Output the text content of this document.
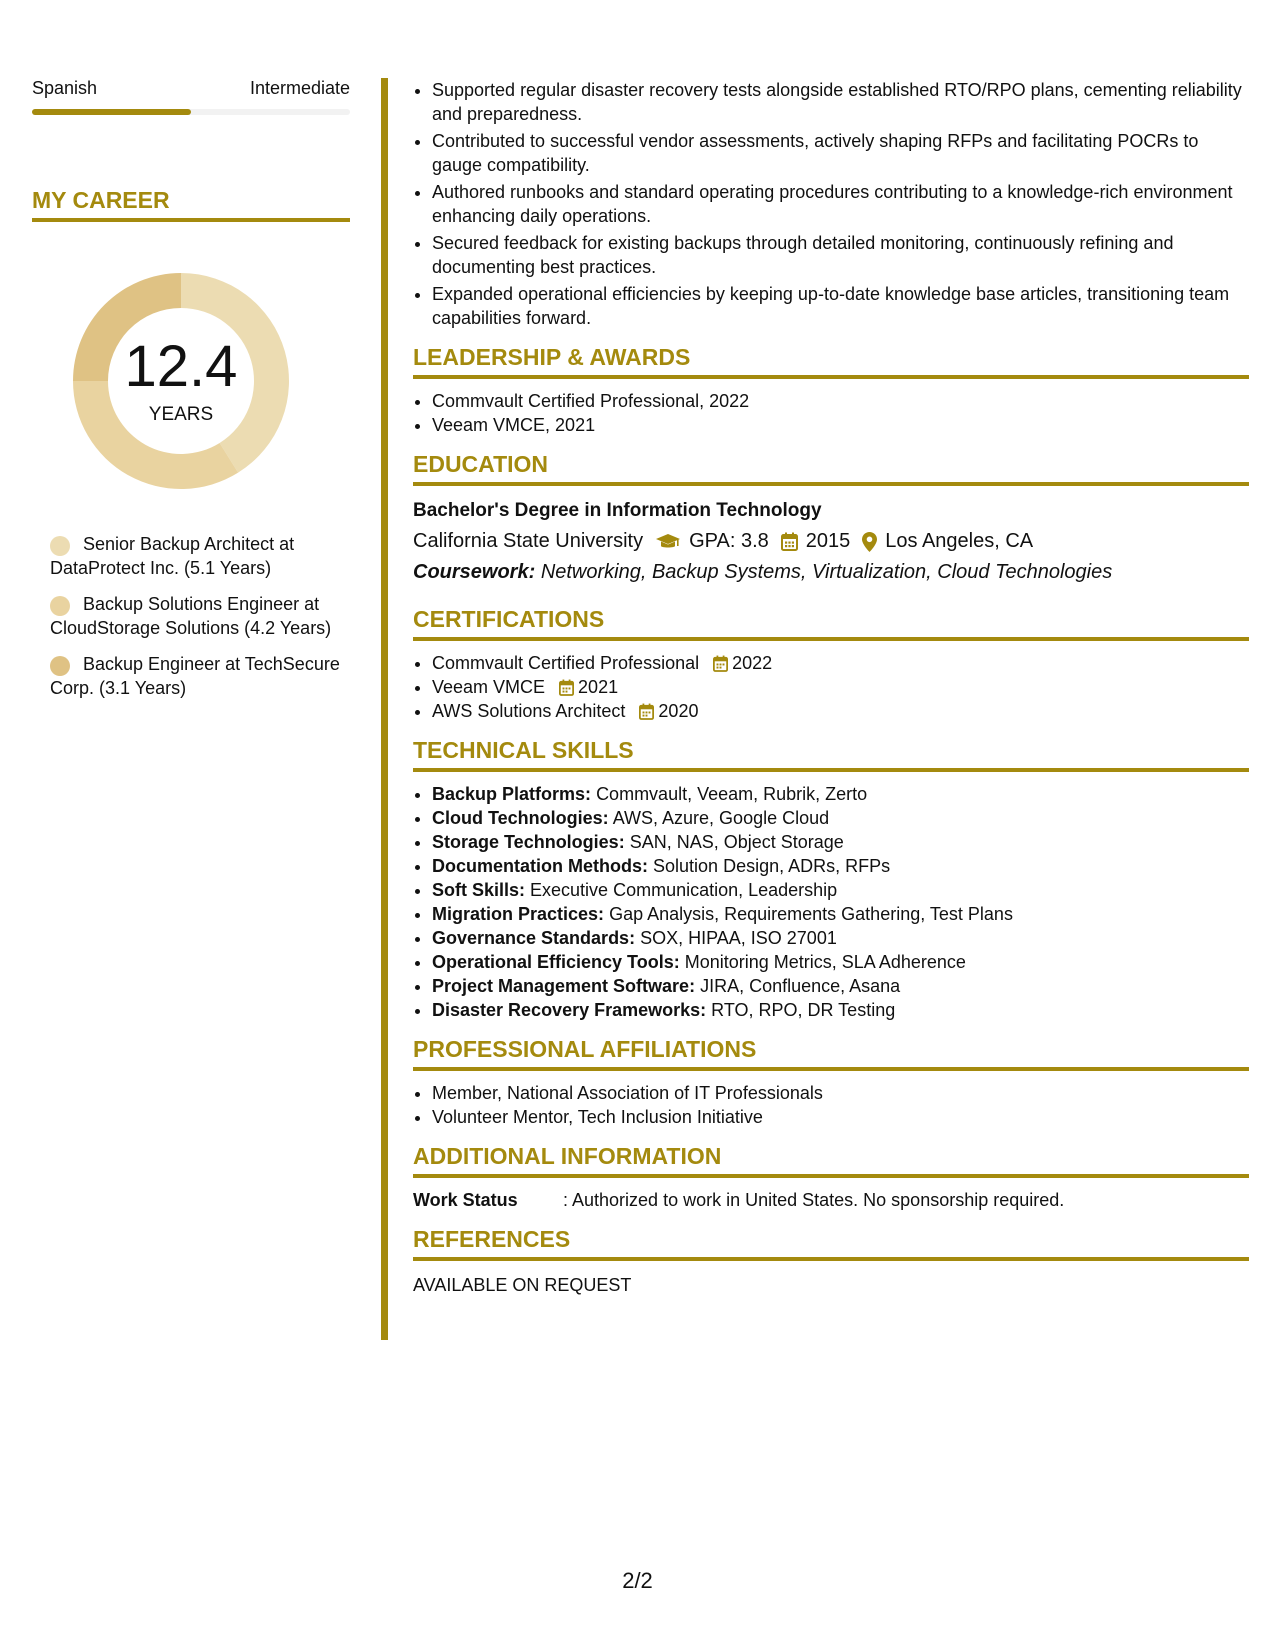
Spanish	Intermediate
MY CAREER
12.4
YEARS
Senior Backup Architect at DataProtect Inc. (5.1 Years)
Backup Solutions Engineer at CloudStorage Solutions (4.2 Years)
Backup Engineer at TechSecure Corp. (3.1 Years)
• Supported regular disaster recovery tests alongside established RTO/RPO plans, cementing reliability and preparedness.
• Contributed to successful vendor assessments, actively shaping RFPs and facilitating POCRs to gauge compatibility.
• Authored runbooks and standard operating procedures contributing to a knowledge-rich environment enhancing daily operations.
• Secured feedback for existing backups through detailed monitoring, continuously refining and documenting best practices.
• Expanded operational efficiencies by keeping up-to-date knowledge base articles, transitioning team capabilities forward.
LEADERSHIP & AWARDS
• Commvault Certified Professional, 2022
• Veeam VMCE, 2021
EDUCATION
Bachelor's Degree in Information Technology
California State University GPA: 3.8 2015 Los Angeles, CA
Coursework: Networking, Backup Systems, Virtualization, Cloud Technologies
CERTIFICATIONS
• Commvault Certified Professional 2022
• Veeam VMCE 2021
• AWS Solutions Architect 2020
TECHNICAL SKILLS
• Backup Platforms: Commvault, Veeam, Rubrik, Zerto
• Cloud Technologies: AWS, Azure, Google Cloud
• Storage Technologies: SAN, NAS, Object Storage
• Documentation Methods: Solution Design, ADRs, RFPs
• Soft Skills: Executive Communication, Leadership
• Migration Practices: Gap Analysis, Requirements Gathering, Test Plans
• Governance Standards: SOX, HIPAA, ISO 27001
• Operational Efficiency Tools: Monitoring Metrics, SLA Adherence
• Project Management Software: JIRA, Confluence, Asana
• Disaster Recovery Frameworks: RTO, RPO, DR Testing
PROFESSIONAL AFFILIATIONS
• Member, National Association of IT Professionals
• Volunteer Mentor, Tech Inclusion Initiative
ADDITIONAL INFORMATION
Work Status	: Authorized to work in United States. No sponsorship required.
REFERENCES
AVAILABLE ON REQUEST
2/2
